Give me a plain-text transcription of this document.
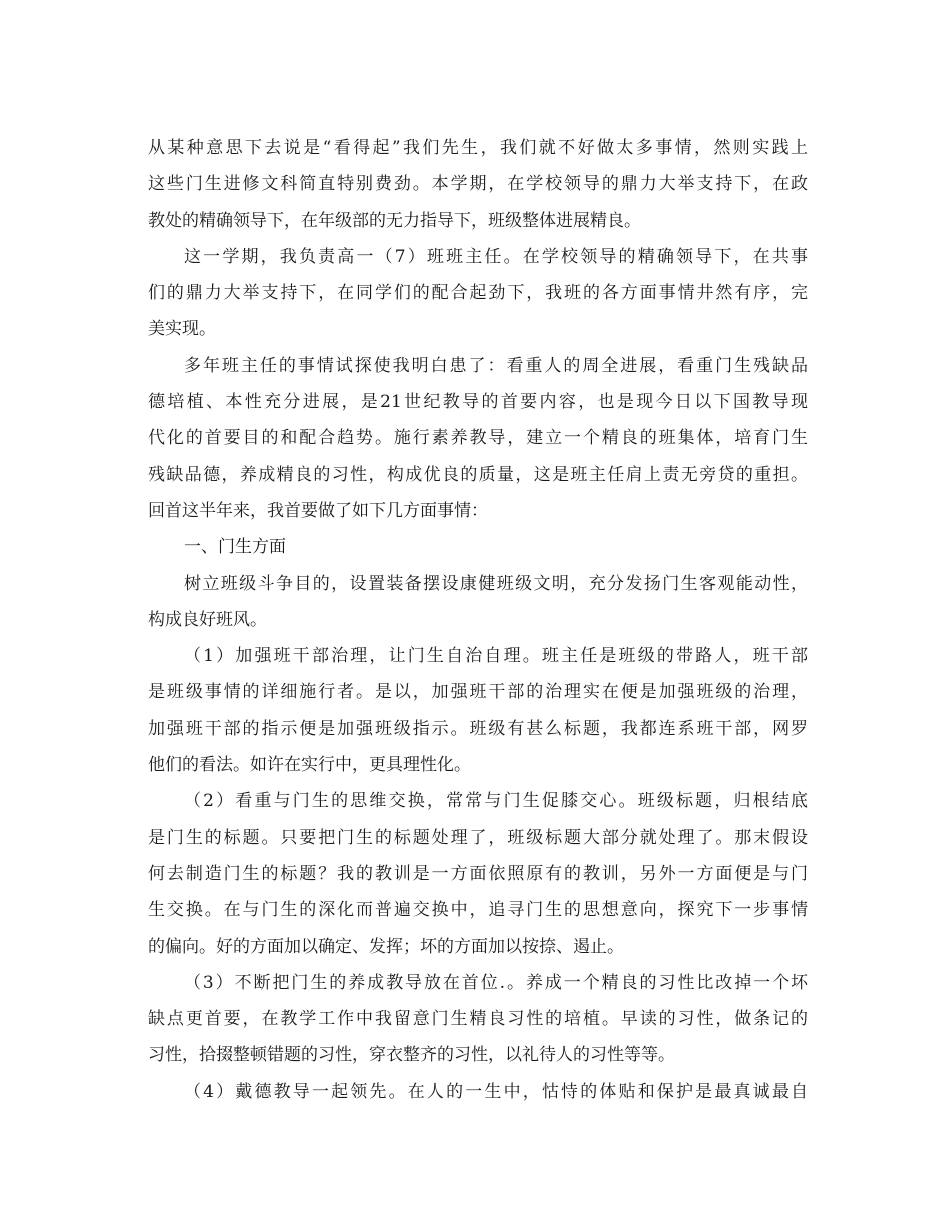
从某种意思下去说是“看得起”我们先生，我们就不好做太多事情，然则实践上
这些门生进修文科简直特别费劲。本学期，在学校领导的鼎力大举支持下，在政
教处的精确领导下，在年级部的无力指导下，班级整体进展精良。
这一学期，我负责高一（7）班班主任。在学校领导的精确领导下，在共事
们的鼎力大举支持下，在同学们的配合起劲下，我班的各方面事情井然有序，完
美实现。
多年班主任的事情试探使我明白患了：看重人的周全进展，看重门生残缺品
德培植、本性充分进展，是21世纪教导的首要内容，也是现今日以下国教导现
代化的首要目的和配合趋势。施行素养教导，建立一个精良的班集体，培育门生
残缺品德，养成精良的习性，构成优良的质量，这是班主任肩上责无旁贷的重担。
回首这半年来，我首要做了如下几方面事情：
一、门生方面
树立班级斗争目的，设置装备摆设康健班级文明，充分发扬门生客观能动性，
构成良好班风。
（1）加强班干部治理，让门生自治自理。班主任是班级的带路人，班干部
是班级事情的详细施行者。是以，加强班干部的治理实在便是加强班级的治理，
加强班干部的指示便是加强班级指示。班级有甚么标题，我都连系班干部，网罗
他们的看法。如许在实行中，更具理性化。
（2）看重与门生的思维交换，常常与门生促膝交心。班级标题，归根结底
是门生的标题。只要把门生的标题处理了，班级标题大部分就处理了。那末假设
何去制造门生的标题？我的教训是一方面依照原有的教训，另外一方面便是与门
生交换。在与门生的深化而普遍交换中，追寻门生的思想意向，探究下一步事情
的偏向。好的方面加以确定、发挥；坏的方面加以按捺、遏止。
（3）不断把门生的养成教导放在首位.。养成一个精良的习性比改掉一个坏
缺点更首要，在教学工作中我留意门生精良习性的培植。早读的习性，做条记的
习性，拾掇整顿错题的习性，穿衣整齐的习性，以礼待人的习性等等。
（4）戴德教导一起领先。在人的一生中，怙恃的体贴和保护是最真诚最自
